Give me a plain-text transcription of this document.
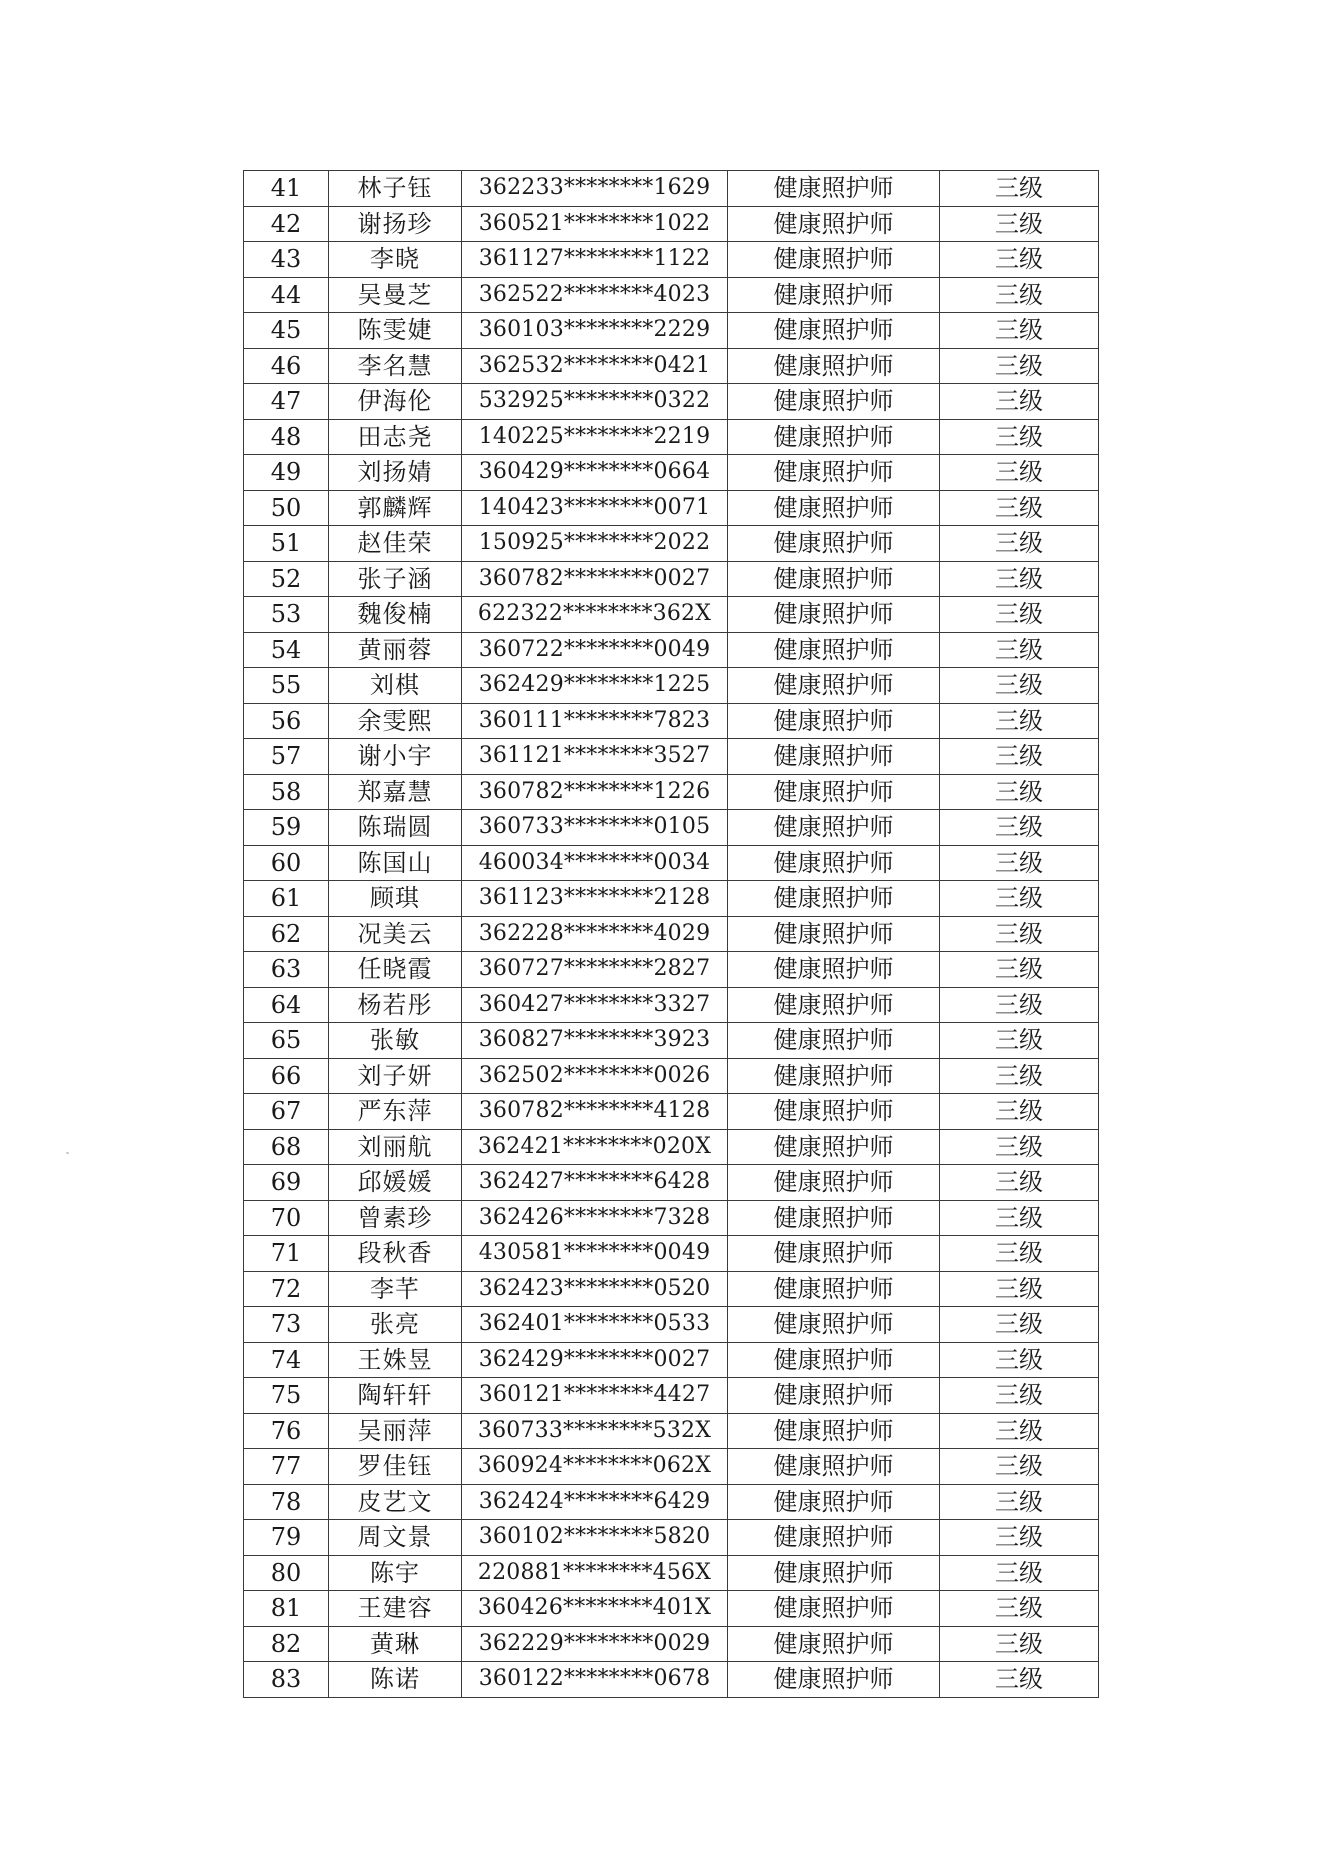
41	林子钰	362233********1629	健康照护师	三级
42	谢扬珍	360521********1022	健康照护师	三级
43	李晓	361127********1122	健康照护师	三级
44	吴曼芝	362522********4023	健康照护师	三级
45	陈雯婕	360103********2229	健康照护师	三级
46	李名慧	362532********0421	健康照护师	三级
47	伊海伦	532925********0322	健康照护师	三级
48	田志尧	140225********2219	健康照护师	三级
49	刘扬婧	360429********0664	健康照护师	三级
50	郭麟辉	140423********0071	健康照护师	三级
51	赵佳荣	150925********2022	健康照护师	三级
52	张子涵	360782********0027	健康照护师	三级
53	魏俊楠	622322********362X	健康照护师	三级
54	黄丽蓉	360722********0049	健康照护师	三级
55	刘棋	362429********1225	健康照护师	三级
56	余雯熙	360111********7823	健康照护师	三级
57	谢小宇	361121********3527	健康照护师	三级
58	郑嘉慧	360782********1226	健康照护师	三级
59	陈瑞圆	360733********0105	健康照护师	三级
60	陈国山	460034********0034	健康照护师	三级
61	顾琪	361123********2128	健康照护师	三级
62	况美云	362228********4029	健康照护师	三级
63	任晓霞	360727********2827	健康照护师	三级
64	杨若彤	360427********3327	健康照护师	三级
65	张敏	360827********3923	健康照护师	三级
66	刘子妍	362502********0026	健康照护师	三级
67	严东萍	360782********4128	健康照护师	三级
68	刘丽航	362421********020X	健康照护师	三级
69	邱媛媛	362427********6428	健康照护师	三级
70	曾素珍	362426********7328	健康照护师	三级
71	段秋香	430581********0049	健康照护师	三级
72	李芊	362423********0520	健康照护师	三级
73	张亮	362401********0533	健康照护师	三级
74	王姝昱	362429********0027	健康照护师	三级
75	陶轩轩	360121********4427	健康照护师	三级
76	吴丽萍	360733********532X	健康照护师	三级
77	罗佳钰	360924********062X	健康照护师	三级
78	皮艺文	362424********6429	健康照护师	三级
79	周文景	360102********5820	健康照护师	三级
80	陈宇	220881********456X	健康照护师	三级
81	王建容	360426********401X	健康照护师	三级
82	黄琳	362229********0029	健康照护师	三级
83	陈诺	360122********0678	健康照护师	三级
